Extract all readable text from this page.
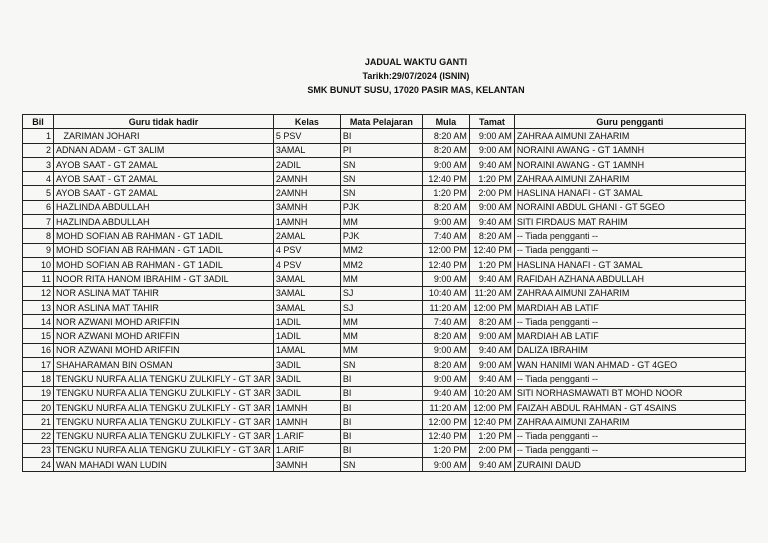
JADUAL WAKTU GANTI
Tarikh:29/07/2024 (ISNIN)
SMK BUNUT SUSU, 17020 PASIR MAS, KELANTAN
Bil	Guru tidak hadir	Kelas	Mata Pelajaran	Mula	Tamat	Guru pengganti
1	ZARIMAN JOHARI	5 PSV	BI	8:20 AM	9:00 AM	ZAHRAA AIMUNI ZAHARIM
2	ADNAN ADAM - GT 3ALIM	3AMAL	PI	8:20 AM	9:00 AM	NORAINI AWANG - GT 1AMNH
3	AYOB SAAT - GT 2AMAL	2ADIL	SN	9:00 AM	9:40 AM	NORAINI AWANG - GT 1AMNH
4	AYOB SAAT - GT 2AMAL	2AMNH	SN	12:40 PM	1:20 PM	ZAHRAA AIMUNI ZAHARIM
5	AYOB SAAT - GT 2AMAL	2AMNH	SN	1:20 PM	2:00 PM	HASLINA HANAFI - GT 3AMAL
6	HAZLINDA ABDULLAH	3AMNH	PJK	8:20 AM	9:00 AM	NORAINI ABDUL GHANI - GT 5GEO
7	HAZLINDA ABDULLAH	1AMNH	MM	9:00 AM	9:40 AM	SITI FIRDAUS MAT RAHIM
8	MOHD SOFIAN AB RAHMAN - GT 1ADIL	2AMAL	PJK	7:40 AM	8:20 AM	-- Tiada pengganti --
9	MOHD SOFIAN AB RAHMAN - GT 1ADIL	4 PSV	MM2	12:00 PM	12:40 PM	-- Tiada pengganti --
10	MOHD SOFIAN AB RAHMAN - GT 1ADIL	4 PSV	MM2	12:40 PM	1:20 PM	HASLINA HANAFI - GT 3AMAL
11	NOOR RITA HANOM IBRAHIM - GT 3ADIL	3AMAL	MM	9:00 AM	9:40 AM	RAFIDAH AZHANA ABDULLAH
12	NOR ASLINA MAT TAHIR	3AMAL	SJ	10:40 AM	11:20 AM	ZAHRAA AIMUNI ZAHARIM
13	NOR ASLINA MAT TAHIR	3AMAL	SJ	11:20 AM	12:00 PM	MARDIAH AB LATIF
14	NOR AZWANI MOHD ARIFFIN	1ADIL	MM	7:40 AM	8:20 AM	-- Tiada pengganti --
15	NOR AZWANI MOHD ARIFFIN	1ADIL	MM	8:20 AM	9:00 AM	MARDIAH AB LATIF
16	NOR AZWANI MOHD ARIFFIN	1AMAL	MM	9:00 AM	9:40 AM	DALIZA IBRAHIM
17	SHAHARAMAN BIN OSMAN	3ADIL	SN	8:20 AM	9:00 AM	WAN HANIMI WAN AHMAD - GT 4GEO
18	TENGKU NURFA ALIA TENGKU ZULKIFLY - GT 3AR	3ADIL	BI	9:00 AM	9:40 AM	-- Tiada pengganti --
19	TENGKU NURFA ALIA TENGKU ZULKIFLY - GT 3AR	3ADIL	BI	9:40 AM	10:20 AM	SITI NORHASMAWATI BT MOHD NOOR
20	TENGKU NURFA ALIA TENGKU ZULKIFLY - GT 3AR	1AMNH	BI	11:20 AM	12:00 PM	FAIZAH ABDUL RAHMAN - GT 4SAINS
21	TENGKU NURFA ALIA TENGKU ZULKIFLY - GT 3AR	1AMNH	BI	12:00 PM	12:40 PM	ZAHRAA AIMUNI ZAHARIM
22	TENGKU NURFA ALIA TENGKU ZULKIFLY - GT 3AR	1.ARIF	BI	12:40 PM	1:20 PM	-- Tiada pengganti --
23	TENGKU NURFA ALIA TENGKU ZULKIFLY - GT 3AR	1.ARIF	BI	1:20 PM	2:00 PM	-- Tiada pengganti --
24	WAN MAHADI WAN LUDIN	3AMNH	SN	9:00 AM	9:40 AM	ZURAINI DAUD
